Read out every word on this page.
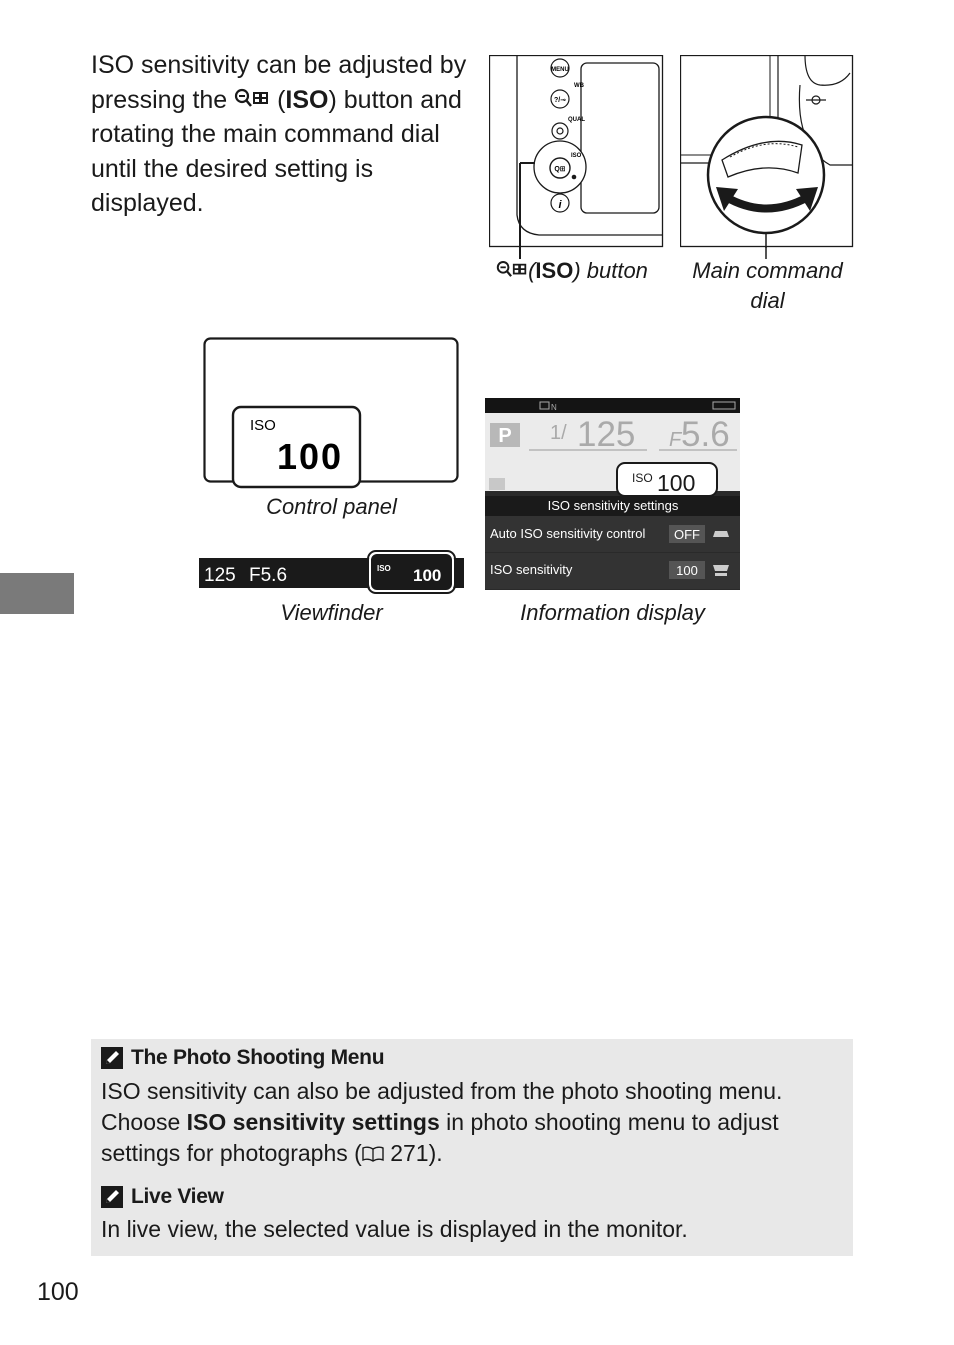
ISO sensitivity can be adjusted by pressing the  (ISO) button and rotating the main command dial until the desired setting is displayed.
MENU
WB
?/⊸
QUAL
ISO
Q⊞
i
(ISO) button	Main command dial
ISO
100
Control panel
125 F5.6	ISO 100
Viewfinder
N
P 1/ 125 F 5.6
ISO 100
ISO sensitivity settings
Auto ISO sensitivity control OFF
ISO sensitivity	100
Information display
The Photo Shooting Menu
ISO sensitivity can also be adjusted from the photo shooting menu.
Choose ISO sensitivity settings in photo shooting menu to adjust
settings for photographs ( 271).
Live View
In live view, the selected value is displayed in the monitor.
100
